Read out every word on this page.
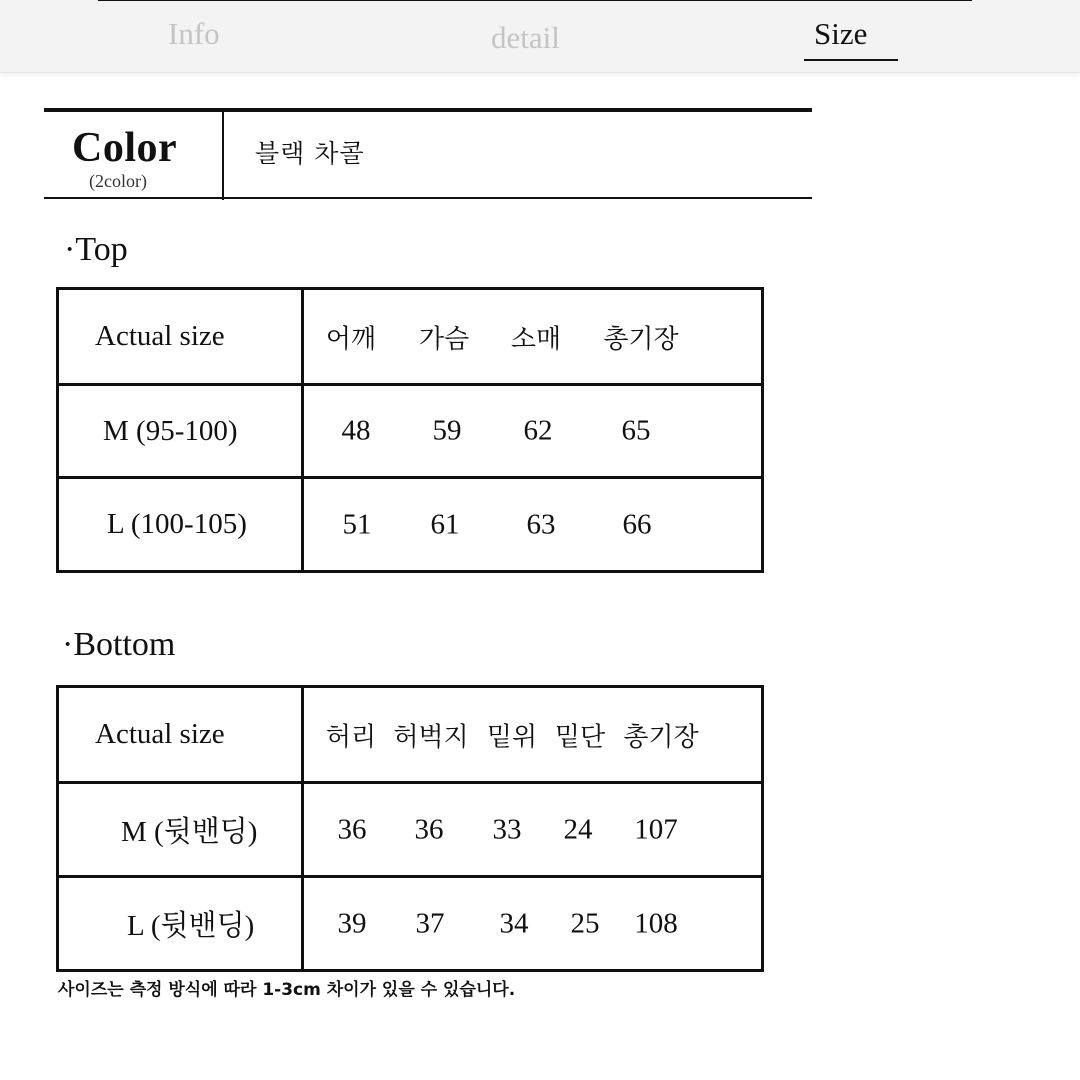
Info	detail	Size
Color
(2color)
블랙 차콜
·Top
Actual size	어깨 가슴 소매 총기장

M (95-100)	48 59 62 65

L (100-105)	51 61 63 66
·Bottom
Actual size	허리 허벅지 밑위 밑단 총기장

M (뒷밴딩)	36 36 33 24 107

L (뒷밴딩)	39 37 34 25 108
사이즈는 측정 방식에 따라 1-3cm 차이가 있을 수 있습니다.
